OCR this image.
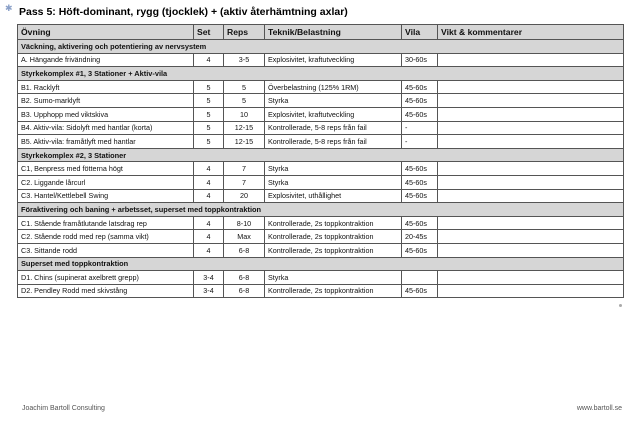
✱ Pass 5: Höft-dominant, rygg (tjocklek) + (aktiv återhämtning axlar)
Övning	Set	Reps	Teknik/Belastning	Vila	Vikt & kommentarer
Väckning, aktivering och potentiering av nervsystem					
A. Hängande frivändning	4	3-5	Explosivitet, kraftutveckling	30-60s	
Styrkekomplex #1, 3 Stationer + Aktiv-vila					
B1. Racklyft	5	5	Överbelastning (125% 1RM)	45-60s	
B2. Sumo-marklyft	5	5	Styrka	45-60s	
B3. Upphopp med viktskiva	5	10	Explosivitet, kraftutveckling	45-60s	
B4. Aktiv-vila: Sidolyft med hantlar (korta)	5	12-15	Kontrollerade, 5-8 reps från fail	-	
B5. Aktiv-vila: framåtlyft med hantlar	5	12-15	Kontrollerade, 5-8 reps från fail	-	
Styrkekomplex #2, 3 Stationer					
C1, Benpress med fötterna högt	4	7	Styrka	45-60s	
C2. Liggande lårcurl	4	7	Styrka	45-60s	
C3. Hantel/Kettlebell Swing	4	20	Explosivitet, uthållighet	45-60s	
Föraktivering och baning + arbetsset, superset med toppkontraktion					
C1. Stående framåtlutande latsdrag rep	4	8-10	Kontrollerade, 2s toppkontraktion	45-60s	
C2. Stående rodd med rep (samma vikt)	4	Max	Kontrollerade, 2s toppkontraktion	20-45s	
C3. Sittande rodd	4	6-8	Kontrollerade, 2s toppkontraktion	45-60s	
Superset med toppkontraktion					
D1. Chins (supinerat axelbrett grepp)	3-4	6-8	Styrka		
D2. Pendley Rodd med skivstång	3-4	6-8	Kontrollerade, 2s toppkontraktion	45-60s	
Joachim Bartoll Consulting	www.bartoll.se
